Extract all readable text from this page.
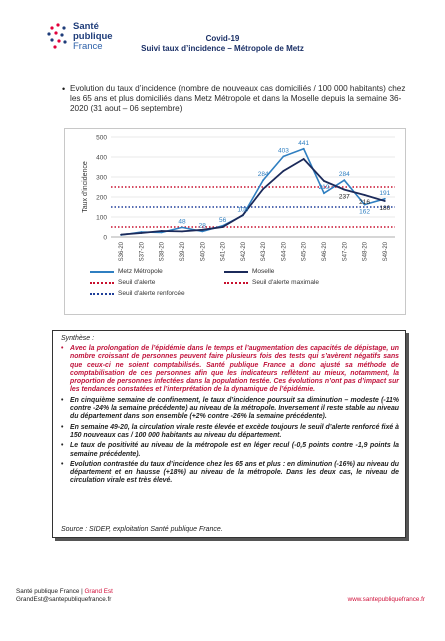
Santé
publique
France
Covid-19
Suivi taux d’incidence – Métropole de Metz
• Evolution du taux d’incidence (nombre de nouveaux cas domiciliés / 100 000 habitants) chez les 65 ans et plus domiciliés dans Metz Métropole et dans la Moselle depuis la semaine 36-2020 (31 aout – 06 septembre)
0
100
200
300
400
500
Taux d'incidence
S36-20 S37-20 S38-20 S39-20 S40-20 S41-20 S42-20 S43-20 S44-20 S45-20 S46-20 S47-20 S48-20 S49-20
48
28
56
108
284
403
441
219
237
284
216
162
191
180
Metz Métropole	Moselle
Seuil d'alerte	Seuil d'alerte maximale
Seuil d'alerte renforcée
Synthèse :
• Avec la prolongation de l’épidémie dans le temps et l’augmentation des capacités de dépistage, un nombre croissant de personnes peuvent faire plusieurs fois des tests qui s’avèrent négatifs sans que ceux-ci ne soient comptabilisés. Santé publique France a donc ajusté sa méthode de comptabilisation de ces personnes afin que les indicateurs reflètent au mieux, notamment, la proportion de personnes infectées dans la population testée. Ces évolutions n’ont pas d’impact sur les tendances constatées et l’interprétation de la dynamique de l’épidémie.
• En cinquième semaine de confinement, le taux d’incidence poursuit sa diminution – modeste (-11% contre -24% la semaine précédente) au niveau de la métropole. Inversement il reste stable au niveau du département dans son ensemble (+2% contre -26% la semaine précédente).
• En semaine 49-20, la circulation virale reste élevée et excède toujours le seuil d’alerte renforcé fixé à 150 nouveaux cas / 100 000 habitants au niveau du département.
• Le taux de positivité au niveau de la métropole est en léger recul (-0,5 points contre -1,9 points la semaine précédente).
• Evolution contrastée du taux d’incidence chez les 65 ans et plus : en diminution (-16%) au niveau du département et en hausse (+18%) au niveau de la métropole. Dans les deux cas, le niveau de circulation virale est très élevé.
Source : SIDEP, exploitation Santé publique France.
Santé publique France | Grand Est
GrandEst@santepubliquefrance.fr	www.santepubliquefrance.fr
